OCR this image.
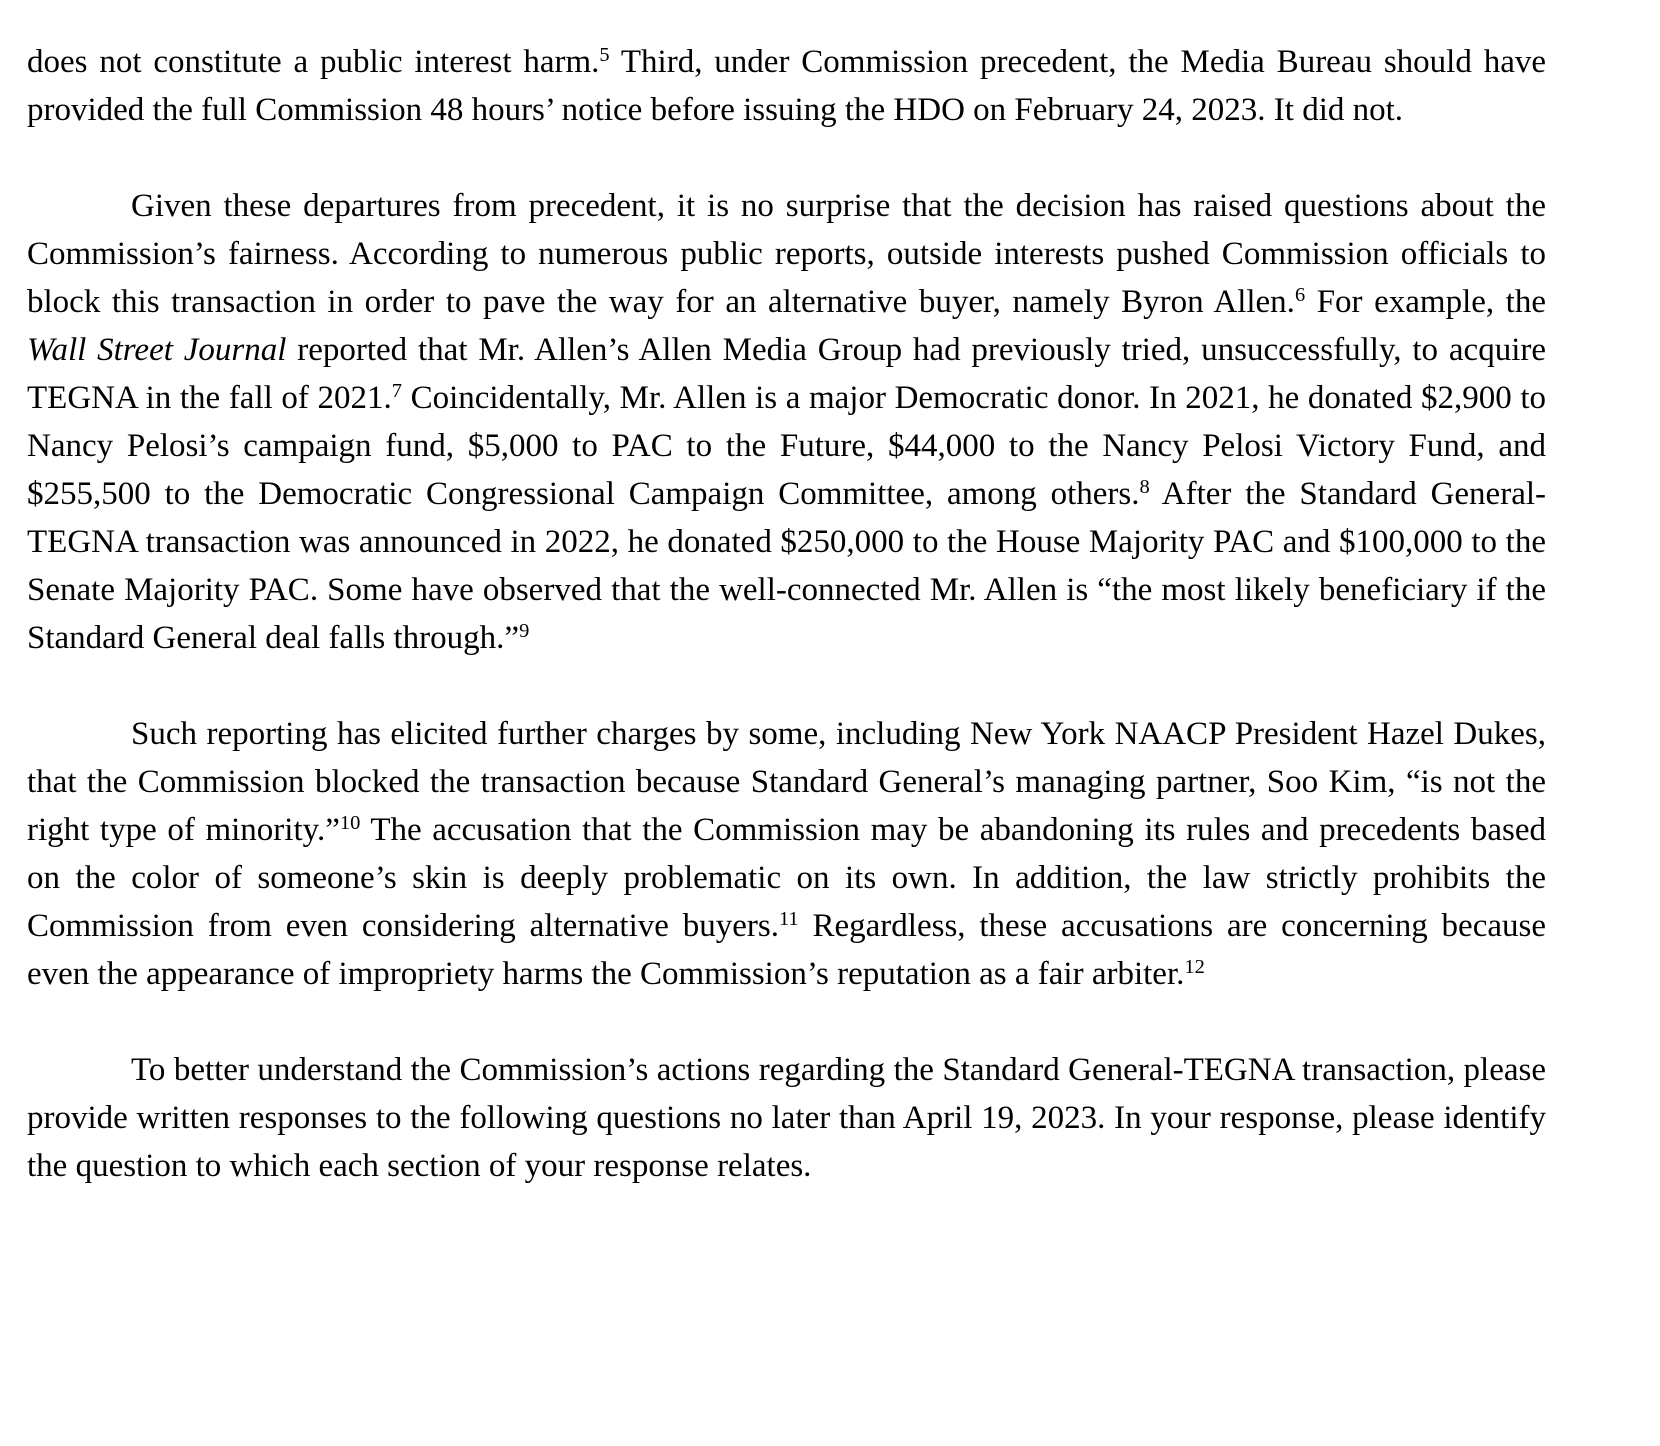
does not constitute a public interest harm.$^5$ Third, under Commission precedent, the Media Bureau should have provided the full Commission 48 hours’ notice before issuing the HDO on February 24, 2023. It did not.

Given these departures from precedent, it is no surprise that the decision has raised questions about the Commission’s fairness. According to numerous public reports, outside interests pushed Commission officials to block this transaction in order to pave the way for an alternative buyer, namely Byron Allen.$^6$ For example, the Wall Street Journal reported that Mr. Allen’s Allen Media Group had previously tried, unsuccessfully, to acquire TEGNA in the fall of 2021.$^7$ Coincidentally, Mr. Allen is a major Democratic donor. In 2021, he donated $2,900 to Nancy Pelosi’s campaign fund, $5,000 to PAC to the Future, $44,000 to the Nancy Pelosi Victory Fund, and $255,500 to the Democratic Congressional Campaign Committee, among others.$^8$ After the Standard General-TEGNA transaction was announced in 2022, he donated $250,000 to the House Majority PAC and $100,000 to the Senate Majority PAC. Some have observed that the well-connected Mr. Allen is “the most likely beneficiary if the Standard General deal falls through.”$^9$

Such reporting has elicited further charges by some, including New York NAACP President Hazel Dukes, that the Commission blocked the transaction because Standard General’s managing partner, Soo Kim, “is not the right type of minority.”$^{10}$ The accusation that the Commission may be abandoning its rules and precedents based on the color of someone’s skin is deeply problematic on its own. In addition, the law strictly prohibits the Commission from even considering alternative buyers.$^{11}$ Regardless, these accusations are concerning because even the appearance of impropriety harms the Commission’s reputation as a fair arbiter.$^{12}$

To better understand the Commission’s actions regarding the Standard General-TEGNA transaction, please provide written responses to the following questions no later than April 19, 2023. In your response, please identify the question to which each section of your response relates.
